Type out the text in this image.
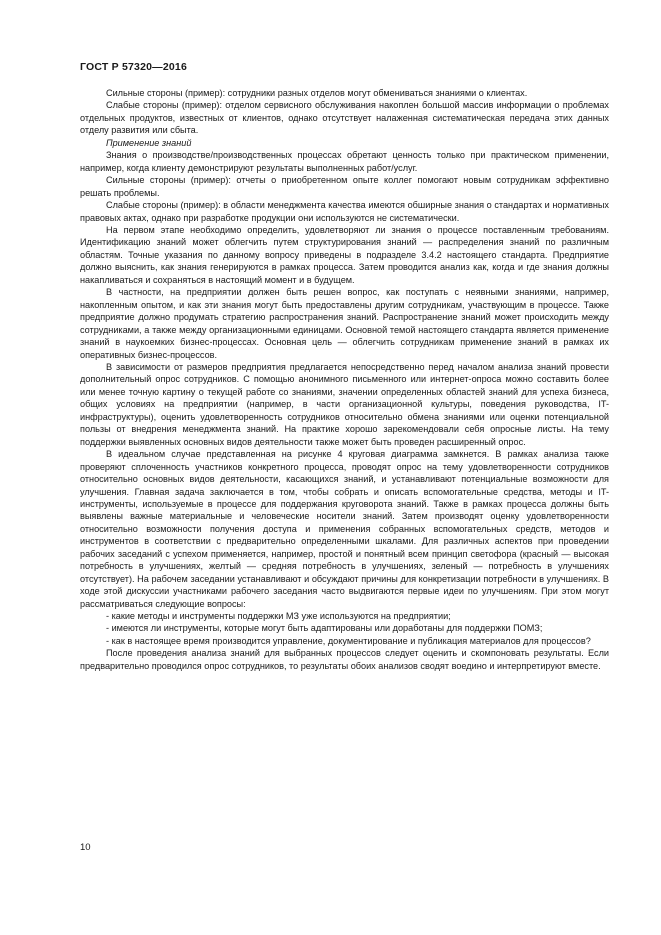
ГОСТ Р 57320—2016

Сильные стороны (пример): сотрудники разных отделов могут обмениваться знаниями о клиентах.

Слабые стороны (пример): отделом сервисного обслуживания накоплен большой массив информации о проблемах отдельных продуктов, известных от клиентов, однако отсутствует налаженная систематическая передача этих данных отделу развития или сбыта.

Применение знаний

Знания о производстве/производственных процессах обретают ценность только при практическом применении, например, когда клиенту демонстрируют результаты выполненных работ/услуг.

Сильные стороны (пример): отчеты о приобретенном опыте коллег помогают новым сотрудникам эффективно решать проблемы.

Слабые стороны (пример): в области менеджмента качества имеются обширные знания о стандартах и нормативных правовых актах, однако при разработке продукции они используются не систематически.

На первом этапе необходимо определить, удовлетворяют ли знания о процессе поставленным требованиям. Идентификацию знаний может облегчить путем структурирования знаний — распределения знаний по различным областям. Точные указания по данному вопросу приведены в подразделе 3.4.2 настоящего стандарта. Предприятие должно выяснить, как знания генерируются в рамках процесса. Затем проводится анализ как, когда и где знания должны накапливаться и сохраняться в настоящий момент и в будущем.

В частности, на предприятии должен быть решен вопрос, как поступать с неявными знаниями, например, накопленным опытом, и как эти знания могут быть предоставлены другим сотрудникам, участвующим в процессе. Также предприятие должно продумать стратегию распространения знаний. Распространение знаний может происходить между сотрудниками, а также между организационными единицами. Основной темой настоящего стандарта является применение знаний в наукоемких бизнес-процессах. Основная цель — облегчить сотрудникам применение знаний в рамках их оперативных бизнес-процессов.

В зависимости от размеров предприятия предлагается непосредственно перед началом анализа знаний провести дополнительный опрос сотрудников. С помощью анонимного письменного или интернет-опроса можно составить более или менее точную картину о текущей работе со знаниями, значении определенных областей знаний для успеха бизнеса, общих условиях на предприятии (например, в части организационной культуры, поведения руководства, IT-инфраструктуры), оценить удовлетворенность сотрудников относительно обмена знаниями или оценки потенциальной пользы от внедрения менеджмента знаний. На практике хорошо зарекомендовали себя опросные листы. На тему поддержки выявленных основных видов деятельности также может быть проведен расширенный опрос.

В идеальном случае представленная на рисунке 4 круговая диаграмма замкнется. В рамках анализа также проверяют сплоченность участников конкретного процесса, проводят опрос на тему удовлетворенности сотрудников относительно основных видов деятельности, касающихся знаний, и устанавливают потенциальные возможности для улучшения. Главная задача заключается в том, чтобы собрать и описать вспомогательные средства, методы и IT-инструменты, используемые в процессе для поддержания круговорота знаний. Также в рамках процесса должны быть выявлены важные материальные и человеческие носители знаний. Затем производят оценку удовлетворенности относительно возможности получения доступа и применения собранных вспомогательных средств, методов и инструментов в соответствии с предварительно определенными шкалами. Для различных аспектов при проведении рабочих заседаний с успехом применяется, например, простой и понятный всем принцип светофора (красный — высокая потребность в улучшениях, желтый — средняя потребность в улучшениях, зеленый — потребность в улучшениях отсутствует). На рабочем заседании устанавливают и обсуждают причины для конкретизации потребности в улучшениях. В ходе этой дискуссии участниками рабочего заседания часто выдвигаются первые идеи по улучшениям. При этом могут рассматриваться следующие вопросы:

- какие методы и инструменты поддержки МЗ уже используются на предприятии;

- имеются ли инструменты, которые могут быть адаптированы или доработаны для поддержки ПОМЗ;

- как в настоящее время производится управление, документирование и публикация материалов для процессов?

После проведения анализа знаний для выбранных процессов следует оценить и скомпоновать результаты. Если предварительно проводился опрос сотрудников, то результаты обоих анализов сводят воедино и интерпретируют вместе.

10
